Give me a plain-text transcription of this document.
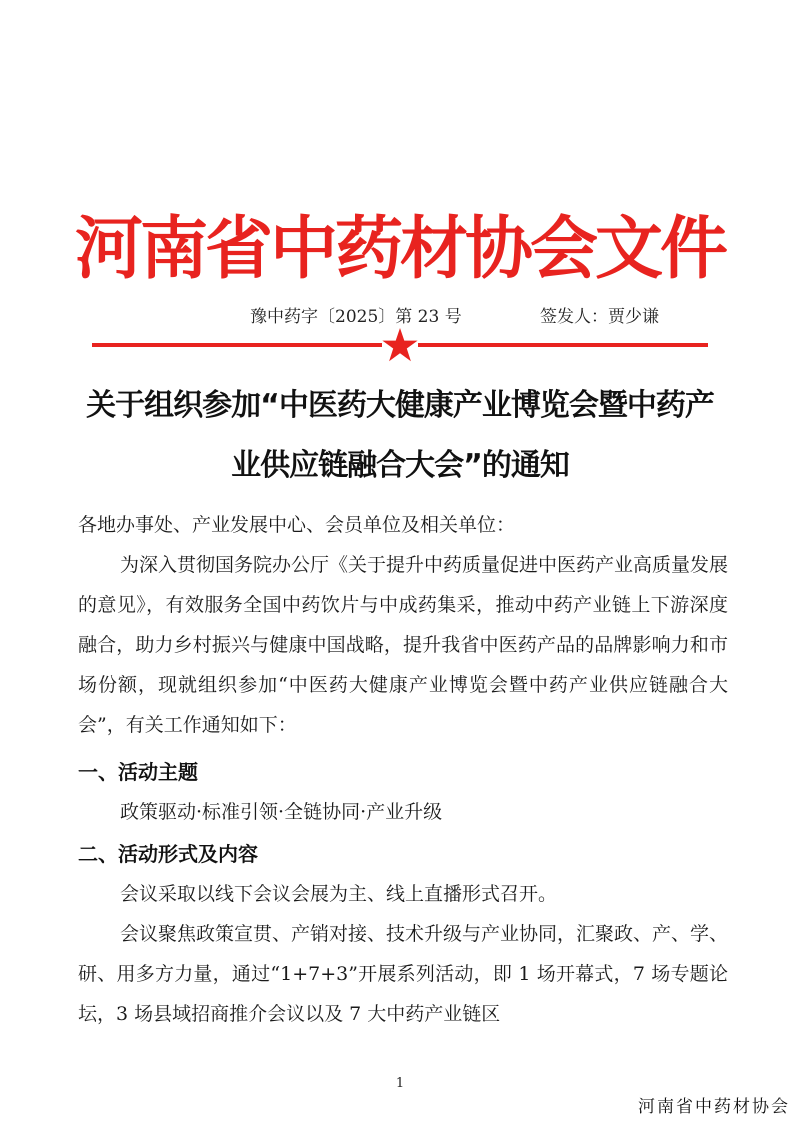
河南省中药材协会文件
豫中药字〔2025〕第 23 号	签发人：贾少谦
关于组织参加“中医药大健康产业博览会暨中药产
业供应链融合大会”的通知
各地办事处、产业发展中心、会员单位及相关单位：
为深入贯彻国务院办公厅《关于提升中药质量促进中医药产业高质量发展的意见》，有效服务全国中药饮片与中成药集采，推动中药产业链上下游深度融合，助力乡村振兴与健康中国战略，提升我省中医药产品的品牌影响力和市场份额，现就组织参加“中医药大健康产业博览会暨中药产业供应链融合大会”，有关工作通知如下：
一、活动主题
政策驱动·标准引领·全链协同·产业升级
二、活动形式及内容
会议采取以线下会议会展为主、线上直播形式召开。
会议聚焦政策宣贯、产销对接、技术升级与产业协同，汇聚政、产、学、研、用多方力量，通过“1+7+3”开展系列活动，即 1 场开幕式，7 场专题论坛，3 场县域招商推介会议以及 7 大中药产业链区
1
河南省中药材协会
